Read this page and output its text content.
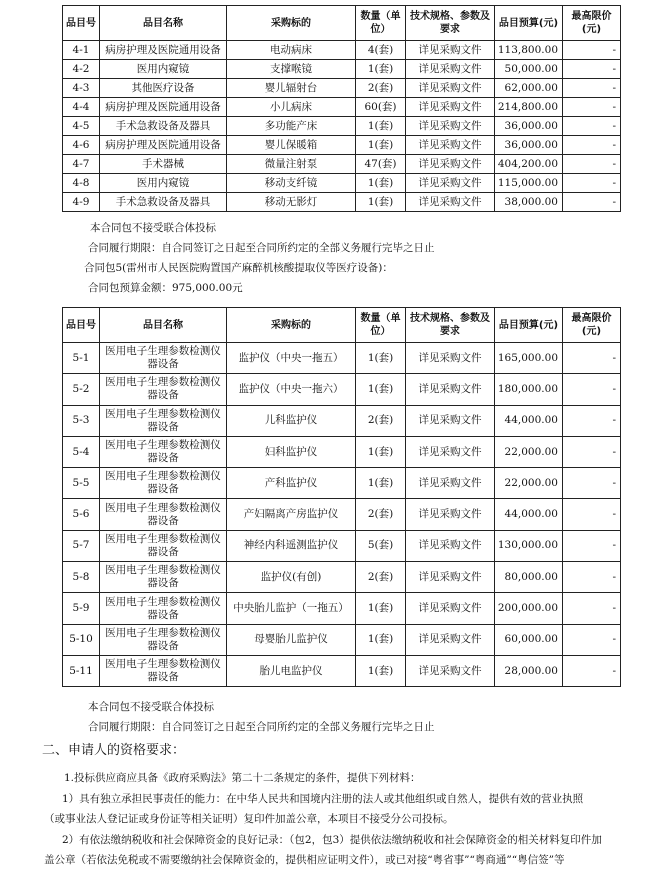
品目号	品目名称	采购标的	数量（单位）	技术规格、参数及要求	品目预算(元)	最高限价(元)
4-1	病房护理及医院通用设备	电动病床	4(套)	详见采购文件	113,800.00	-
4-2	医用内窥镜	支撑喉镜	1(套)	详见采购文件	50,000.00	-
4-3	其他医疗设备	婴儿辐射台	2(套)	详见采购文件	62,000.00	-
4-4	病房护理及医院通用设备	小儿病床	60(套)	详见采购文件	214,800.00	-
4-5	手术急救设备及器具	多功能产床	1(套)	详见采购文件	36,000.00	-
4-6	病房护理及医院通用设备	婴儿保暖箱	1(套)	详见采购文件	36,000.00	-
4-7	手术器械	微量注射泵	47(套)	详见采购文件	404,200.00	-
4-8	医用内窥镜	移动支纤镜	1(套)	详见采购文件	115,000.00	-
4-9	手术急救设备及器具	移动无影灯	1(套)	详见采购文件	38,000.00	-
本合同包不接受联合体投标
合同履行期限：自合同签订之日起至合同所约定的全部义务履行完毕之日止
合同包5(雷州市人民医院购置国产麻醉机核酸提取仪等医疗设备)：
合同包预算金额：975,000.00元
品目号	品目名称	采购标的	数量（单位）	技术规格、参数及要求	品目预算(元)	最高限价(元)
5-1	医用电子生理参数检测仪器设备	监护仪（中央一拖五）	1(套)	详见采购文件	165,000.00	-
5-2	医用电子生理参数检测仪器设备	监护仪（中央一拖六）	1(套)	详见采购文件	180,000.00	-
5-3	医用电子生理参数检测仪器设备	儿科监护仪	2(套)	详见采购文件	44,000.00	-
5-4	医用电子生理参数检测仪器设备	妇科监护仪	1(套)	详见采购文件	22,000.00	-
5-5	医用电子生理参数检测仪器设备	产科监护仪	1(套)	详见采购文件	22,000.00	-
5-6	医用电子生理参数检测仪器设备	产妇隔离产房监护仪	2(套)	详见采购文件	44,000.00	-
5-7	医用电子生理参数检测仪器设备	神经内科遥测监护仪	5(套)	详见采购文件	130,000.00	-
5-8	医用电子生理参数检测仪器设备	监护仪(有创)	2(套)	详见采购文件	80,000.00	-
5-9	医用电子生理参数检测仪器设备	中央胎儿监护（一拖五）	1(套)	详见采购文件	200,000.00	-
5-10	医用电子生理参数检测仪器设备	母婴胎儿监护仪	1(套)	详见采购文件	60,000.00	-
5-11	医用电子生理参数检测仪器设备	胎儿电监护仪	1(套)	详见采购文件	28,000.00	-
本合同包不接受联合体投标
合同履行期限：自合同签订之日起至合同所约定的全部义务履行完毕之日止
二、申请人的资格要求：
1.投标供应商应具备《政府采购法》第二十二条规定的条件，提供下列材料：
1）具有独立承担民事责任的能力：在中华人民共和国境内注册的法人或其他组织或自然人，提供有效的营业执照
（或事业法人登记证或身份证等相关证明）复印件加盖公章，本项目不接受分公司投标。
2）有依法缴纳税收和社会保障资金的良好记录：（包2，包3）提供依法缴纳税收和社会保障资金的相关材料复印件加
盖公章（若依法免税或不需要缴纳社会保障资金的，提供相应证明文件），或已对接“粤省事”“粤商通”“粤信签”等
